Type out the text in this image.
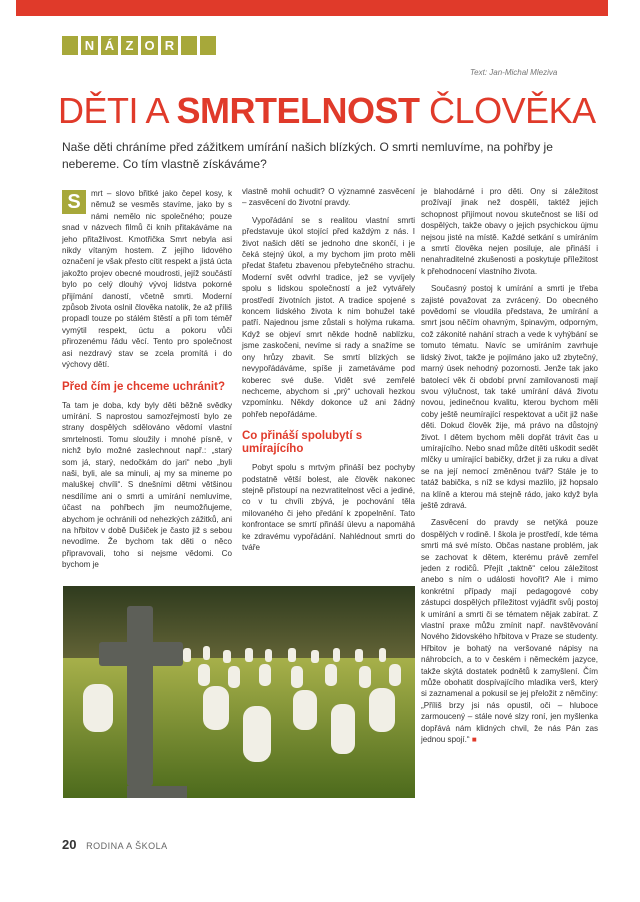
N Á Z O R
Text: Jan-Michal Mleziva
DĚTI A SMRTELNOST ČLOVĚKA

Naše děti chráníme před zážitkem umírání našich blízkých. O smrti nemluvíme, na pohřby je nebereme. Co tím vlastně získáváme?

S	mrt – slovo břitké jako čepel kosy, k němuž se vesměs stavíme, jako by s námi nemělo nic společného; pouze snad v názvech filmů či knih přitakáváme na jeho přitažlivost. Kmotřička Smrt nebyla asi nikdy vítaným hostem. Z jejího lidového označení je však přesto cítit respekt a jistá úcta jakožto projev obecné moudrosti, jejíž součástí bylo po celý dlouhý vývoj lidstva pokorné přijímání daností, včetně smrti. Moderní způsob života oslnil člověka natolik, že až příliš propadl touze po stálém štěstí a při tom téměř vymýtil respekt, úctu a pokoru vůči přirozenému řádu věcí. Tento pro společnost asi nezdravý stav se zcela promítá i do výchovy dětí.

Před čím je chceme uchránit?

Ta tam je doba, kdy byly děti běžně svědky umírání. S naprostou samozřejmostí bylo ze strany dospělých sdělováno vědomí vlastní smrtelnosti. Tomu sloužily i mnohé písně, v nichž bylo možné zaslechnout např.: „starý som já, starý, nedočkám do jari“ nebo „byli naši, byli, ale sa minuli, aj my sa mineme po maluškej chvíli“. S dnešními dětmi většinou nesdílíme ani o smrti a umírání nemluvíme, účast na pohřbech jim neumožňujeme, abychom je ochránili od nehezkých zážitků, ani na hřbitov v době Dušiček je často již s sebou nevodíme. Že bychom tak děti o něco připravovali, toho si nejsme vědomi. Co bychom je

vlastně mohli ochudit? O významné zasvěcení – zasvěcení do životní pravdy.

Vypořádání se s realitou vlastní smrti představuje úkol stojící před každým z nás. I život našich dětí se jednoho dne skončí, i je čeká stejný úkol, a my bychom jim proto měli předat štafetu zbavenou přebytečného strachu. Moderní svět odvrhl tradice, jež se vyvíjely spolu s lidskou společností a jež vytvářely prostředí životních jistot. A tradice spojené s koncem lidského života k nim bohužel také patří. Najednou jsme zůstali s holýma rukama. Když se objeví smrt někde hodně nablízku, jsme zaskočeni, nevíme si rady a snažíme se ony hrůzy zbavit. Se smrtí blízkých se nevypořádáváme, spíše ji zametáváme pod koberec své duše. Vidět své zemřelé nechceme, abychom si „prý“ uchovali hezkou vzpomínku. Někdy dokonce už ani žádný pohřeb nepořádáme.

Co přináší spolubytí s umírajícího

Pobyt spolu s mrtvým přináší bez pochyby podstatně větší bolest, ale člověk nakonec stejně přistoupí na nezvratitelnost věci a jediné, co v tu chvíli zbývá, je pochování těla milovaného či jeho předání k zpopelnění. Tato konfrontace se smrtí přináší úlevu a napomáhá ke zdravému vypořádání. Nahlédnout smrti do tváře

je blahodárné i pro děti. Ony si záležitost prožívají jinak než dospělí, taktéž jejich schopnost přijímout novou skutečnost se liší od dospělých, takže obavy o jejich psychickou újmu nejsou jisté na místě. Každé setkání s umíráním a smrtí člověka nejen posiluje, ale přináší i nenahraditelné zkušenosti a poskytuje příležitost k přehodnocení vlastního života.

Současný postoj k umírání a smrti je třeba zajisté považovat za zvrácený. Do obecného povědomí se vloudila představa, že umírání a smrt jsou něčím ohavným, špinavým, odporným, což zákonité nahání strach a vede k vyhýbání se tomuto tématu. Navíc se umíráním zavrhuje lidský život, takže je pojímáno jako už zbytečný, marný úsek nehodný pozornosti. Jenže tak jako batolecí věk či období první zamilovanosti mají svou výlučnost, tak také umírání dává životu novou, jedinečnou kvalitu, kterou bychom měli coby ještě neumírající respektovat a učit již naše děti. Dokud člověk žije, má právo na důstojný život. I dětem bychom měli dopřát trávit čas u umírajícího. Nebo snad může dítěti uškodit sedět mlčky u umírající babičky, držet ji za ruku a dívat se na její nemocí změněnou tvář? Stále je to tatáž babička, s níž se kdysi mazlilo, již hopsalo na klíně a kterou má stejně rádo, jako když byla ještě zdravá.

Zasvěcení do pravdy se netýká pouze dospělých v rodině. I škola je prostředí, kde téma smrti má své místo. Občas nastane problém, jak se zachovat k dětem, kterému právě zemřel jeden z rodičů. Přejít „taktně“ celou záležitost anebo s ním o události hovořit? Ale i mimo konkrétní případy mají pedagogové coby zástupci dospělých příležitost vyjádřit svůj postoj k umírání a smrti či se tématem nějak zabírat. Z vlastní praxe můžu zmínit např. navštěvování Nového židovského hřbitova v Praze se studenty. Hřbitov je bohatý na veršované nápisy na náhrobcích, a to v českém i německém jazyce, takže skýtá dostatek podnětů k zamyšlení. Čím může obohatit dospívajícího mladíka verš, který si zaznamenal a pokusil se jej přeložit z němčiny: „Příliš brzy jsi nás opustil, oči – hluboce zarmoucený – stále nové slzy roní, jen myšlenka dopřává nám klidných chvil, že nás Pán zas jednou spojí.“ ■

20 RODINA A ŠKOLA
